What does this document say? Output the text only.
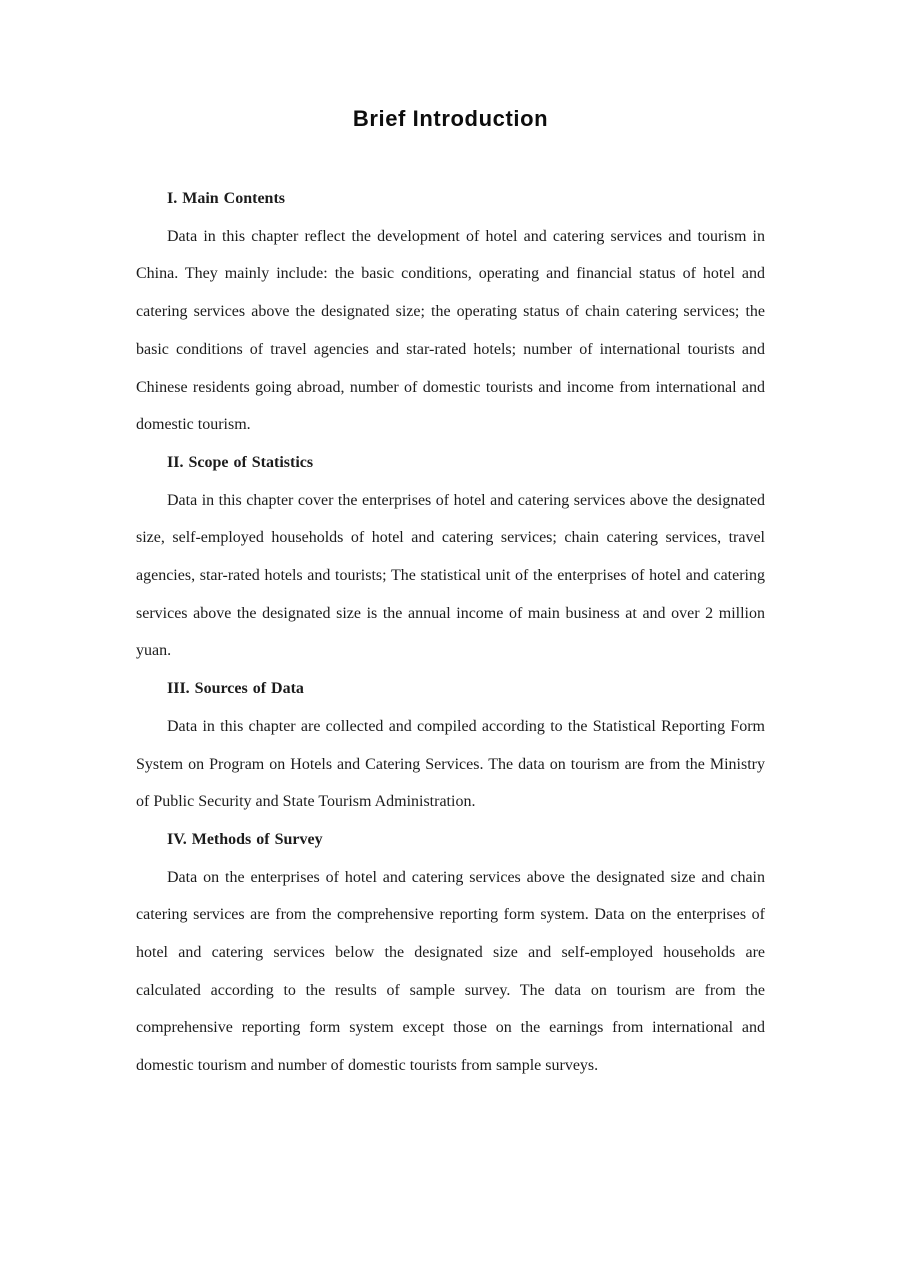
Brief Introduction

I. Main Contents

Data in this chapter reflect the development of hotel and catering services and tourism in China. They mainly include: the basic conditions, operating and financial status of hotel and catering services above the designated size; the operating status of chain catering services; the basic conditions of travel agencies and star-rated hotels; number of international tourists and Chinese residents going abroad, number of domestic tourists and income from international and domestic tourism.

II. Scope of Statistics

Data in this chapter cover the enterprises of hotel and catering services above the designated size, self-employed households of hotel and catering services; chain catering services, travel agencies, star-rated hotels and tourists; The statistical unit of the enterprises of hotel and catering services above the designated size is the annual income of main business at and over 2 million yuan.

III. Sources of Data

Data in this chapter are collected and compiled according to the Statistical Reporting Form System on Program on Hotels and Catering Services. The data on tourism are from the Ministry of Public Security and State Tourism Administration.

IV. Methods of Survey

Data on the enterprises of hotel and catering services above the designated size and chain catering services are from the comprehensive reporting form system. Data on the enterprises of hotel and catering services below the designated size and self-employed households are calculated according to the results of sample survey. The data on tourism are from the comprehensive reporting form system except those on the earnings from international and domestic tourism and number of domestic tourists from sample surveys.
